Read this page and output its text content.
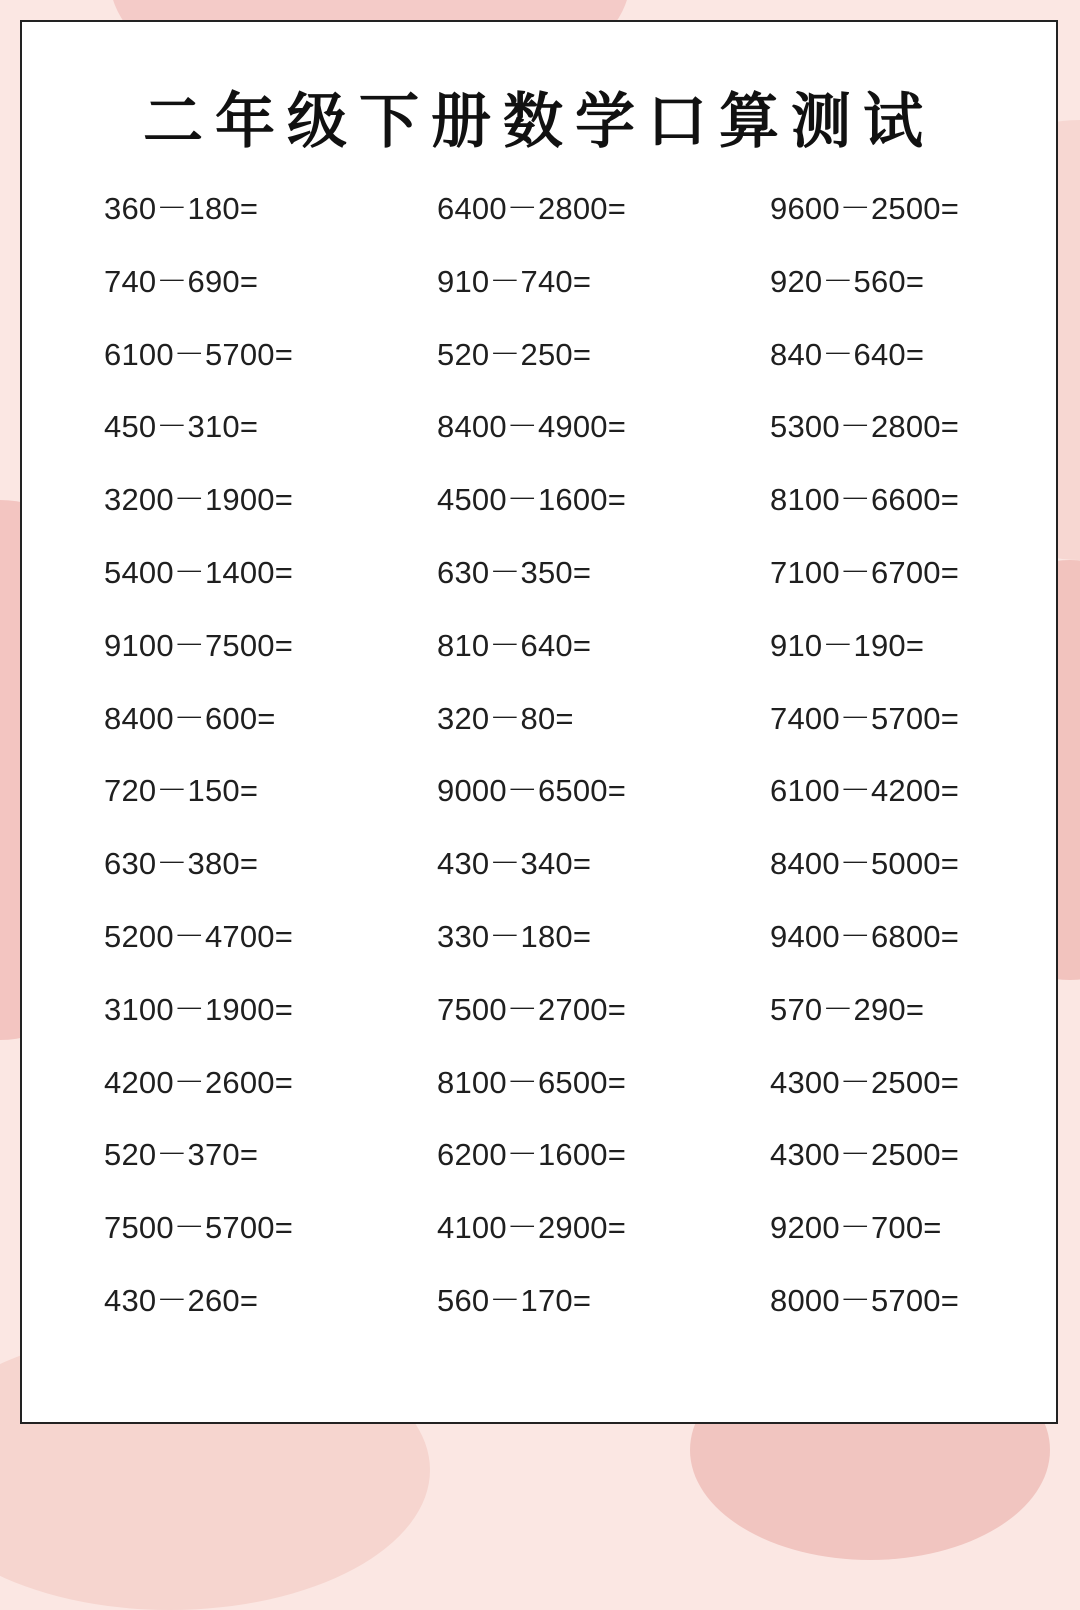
二年级下册数学口算测试
360－180=	6400－2800=	9600－2500=
740－690=	910－740=	920－560=
6100－5700=	520－250=	840－640=
450－310=	8400－4900=	5300－2800=
3200－1900=	4500－1600=	8100－6600=
5400－1400=	630－350=	7100－6700=
9100－7500=	810－640=	910－190=
8400－600=	320－80=	7400－5700=
720－150=	9000－6500=	6100－4200=
630－380=	430－340=	8400－5000=
5200－4700=	330－180=	9400－6800=
3100－1900=	7500－2700=	570－290=
4200－2600=	8100－6500=	4300－2500=
520－370=	6200－1600=	4300－2500=
7500－5700=	4100－2900=	9200－700=
430－260=	560－170=	8000－5700=
